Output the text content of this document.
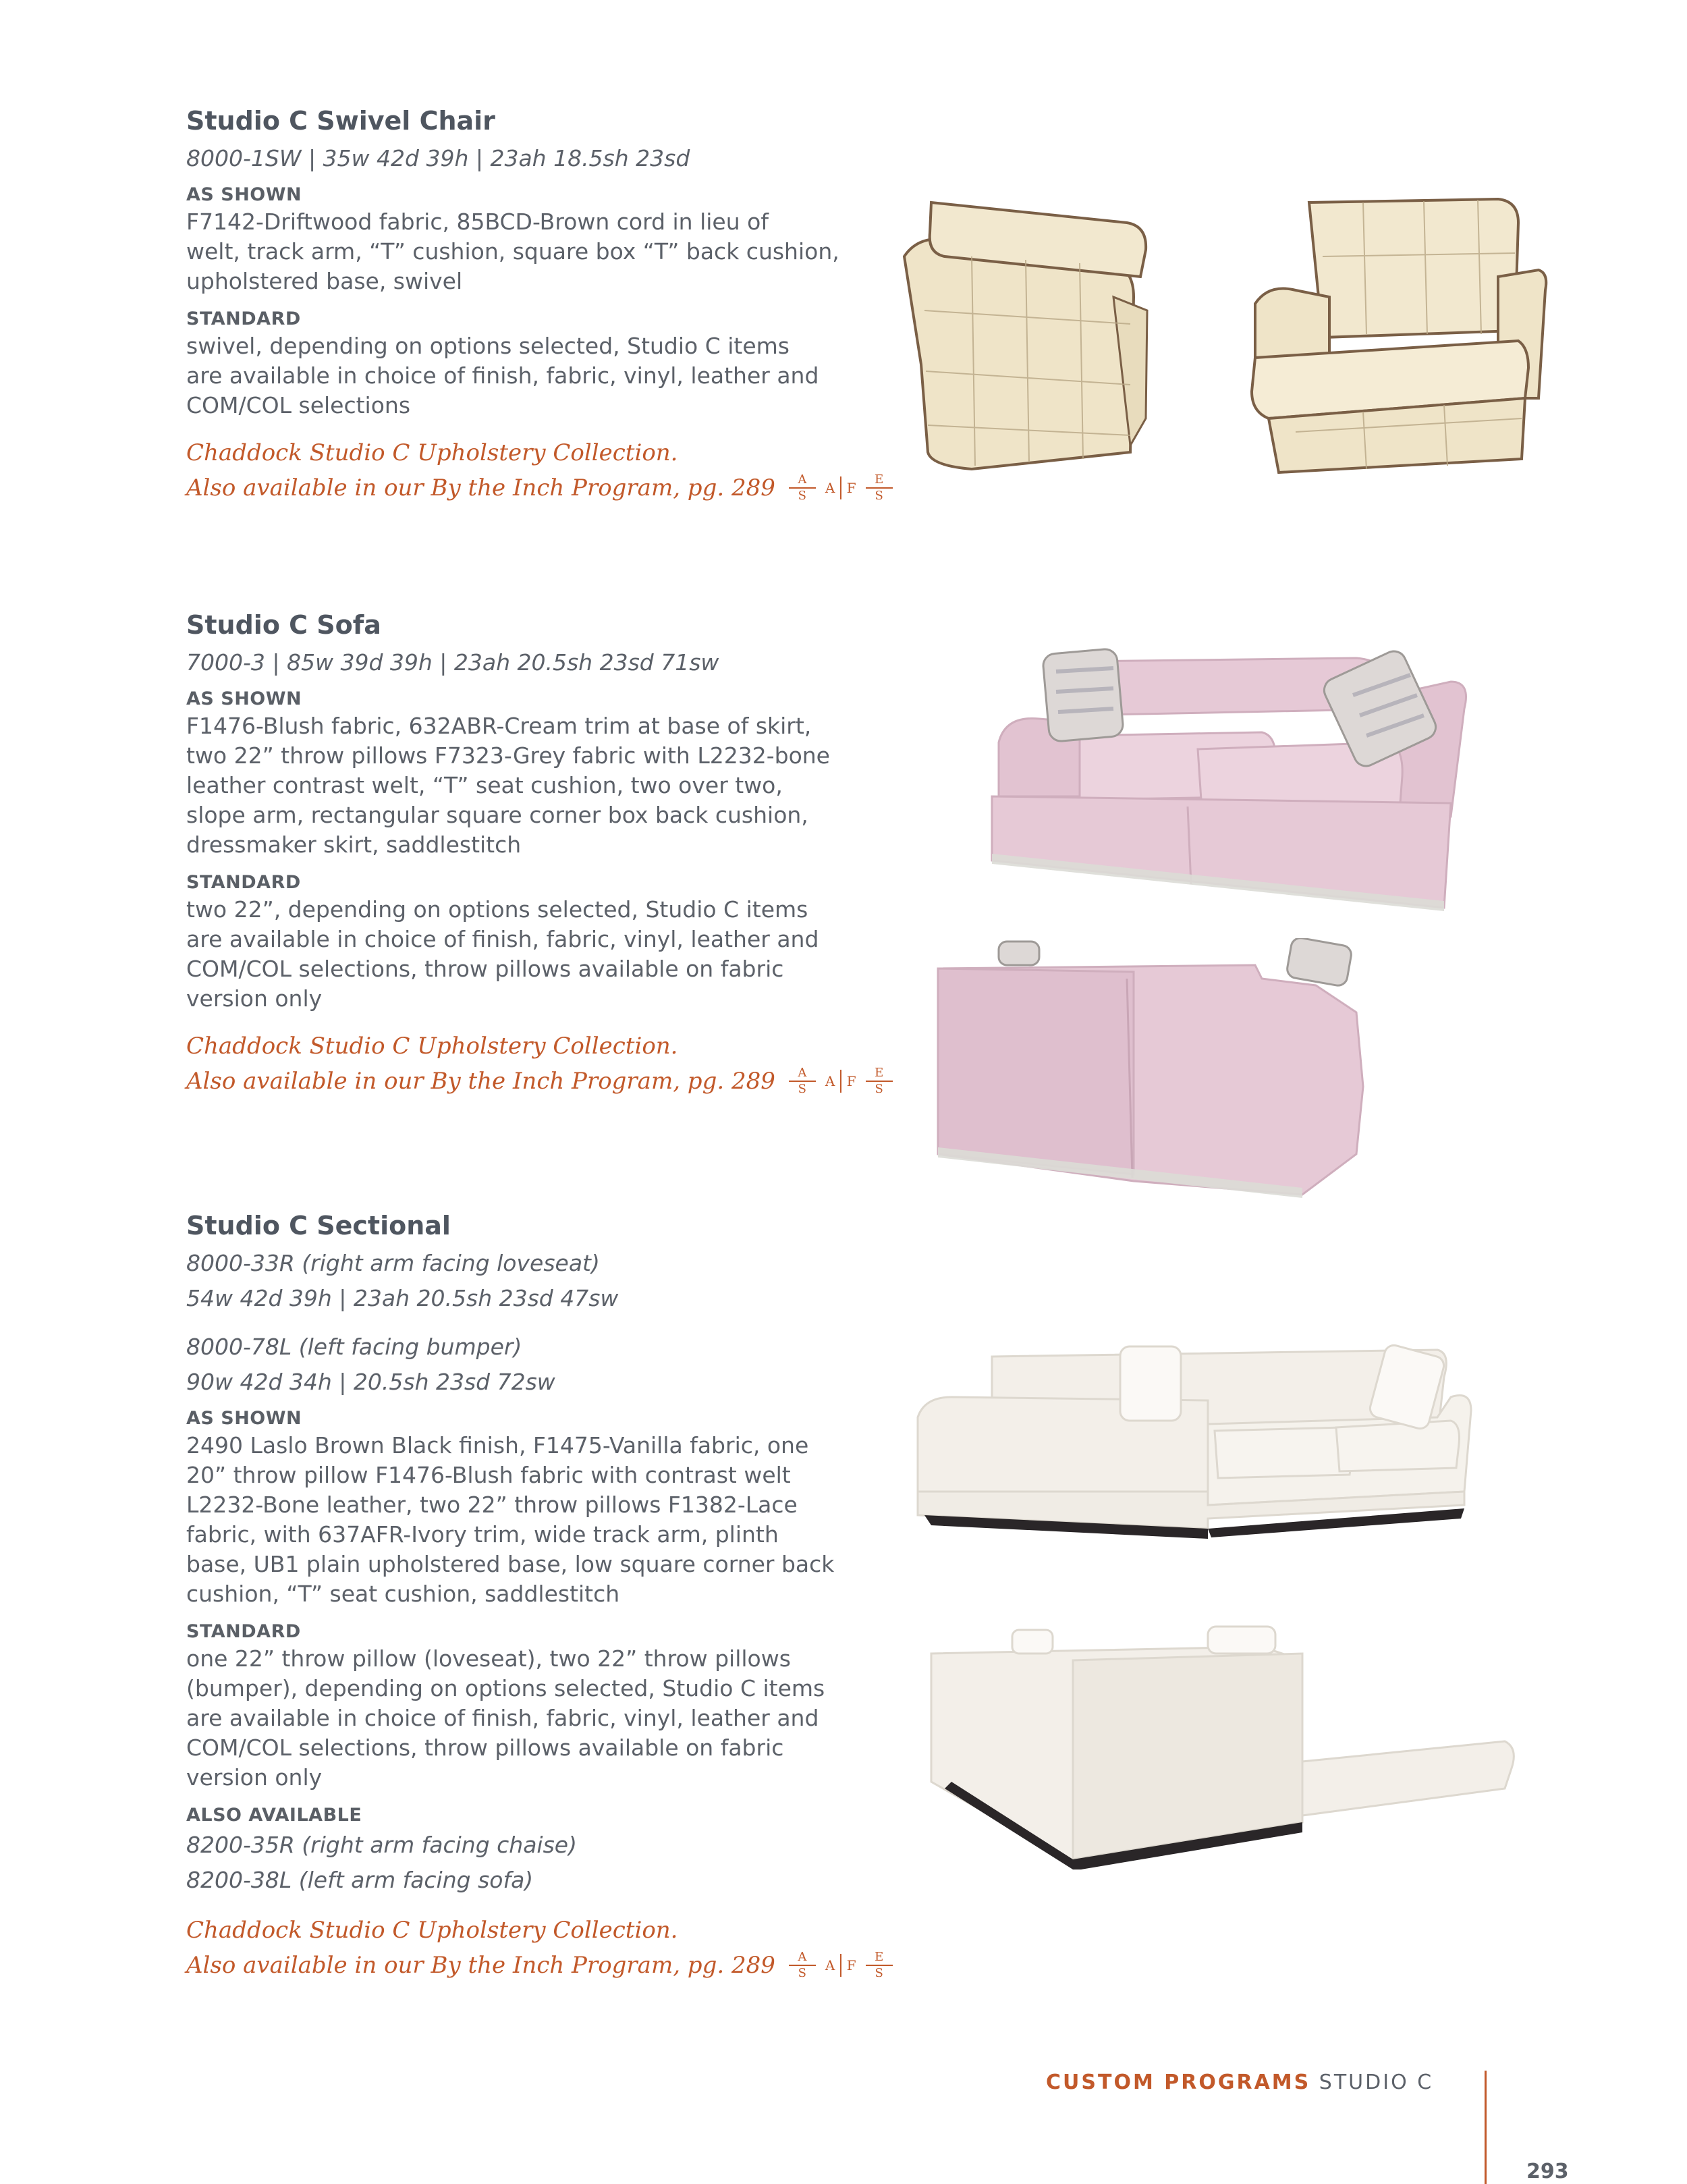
Studio C Swivel Chair

8000-1SW | 35w 42d 39h | 23ah 18.5sh 23sd

AS SHOWN

F7142-Driftwood fabric, 85BCD-Brown cord in lieu of

welt, track arm, “T” cushion, square box “T” back cushion,

upholstered base, swivel

STANDARD

swivel, depending on options selected, Studio C items

are available in choice of finish, fabric, vinyl, leather and

COM/COL selections

Chaddock Studio C Upholstery Collection.

Also available in our By the Inch Program, pg. $289 \frac{A}{S}$ A F $\frac{E}{S}$

Studio C Sofa

7000-3 | 85w 39d 39h | 23ah 20.5sh 23sd 71sw

AS SHOWN

F1476-Blush fabric, 632ABR-Cream trim at base of skirt,

two 22” throw pillows F7323-Grey fabric with L2232-bone

leather contrast welt, “T” seat cushion, two over two,

slope arm, rectangular square corner box back cushion,

dressmaker skirt, saddlestitch

STANDARD

two 22”, depending on options selected, Studio C items

are available in choice of finish, fabric, vinyl, leather and

COM/COL selections, throw pillows available on fabric

version only

Chaddock Studio C Upholstery Collection.

Also available in our By the Inch Program, pg. $289 \frac{A}{S}$ A F $\frac{E}{S}$

Studio C Sectional

8000-33R (right arm facing loveseat)

54w 42d 39h | 23ah 20.5sh 23sd 47sw

8000-78L (left facing bumper)

90w 42d 34h | 20.5sh 23sd 72sw

AS SHOWN

2490 Laslo Brown Black finish, F1475-Vanilla fabric, one

20” throw pillow F1476-Blush fabric with contrast welt

L2232-Bone leather, two 22” throw pillows F1382-Lace

fabric, with 637AFR-Ivory trim, wide track arm, plinth

base, UB1 plain upholstered base, low square corner back

cushion, “T” seat cushion, saddlestitch

STANDARD

one 22” throw pillow (loveseat), two 22” throw pillows

(bumper), depending on options selected, Studio C items

are available in choice of finish, fabric, vinyl, leather and

COM/COL selections, throw pillows available on fabric

version only

ALSO AVAILABLE

8200-35R (right arm facing chaise)

8200-38L (left arm facing sofa)

Chaddock Studio C Upholstery Collection.

Also available in our By the Inch Program, pg. $289 \frac{A}{S}$ A F $\frac{E}{S}$
CUSTOM PROGRAMS STUDIO C
293
